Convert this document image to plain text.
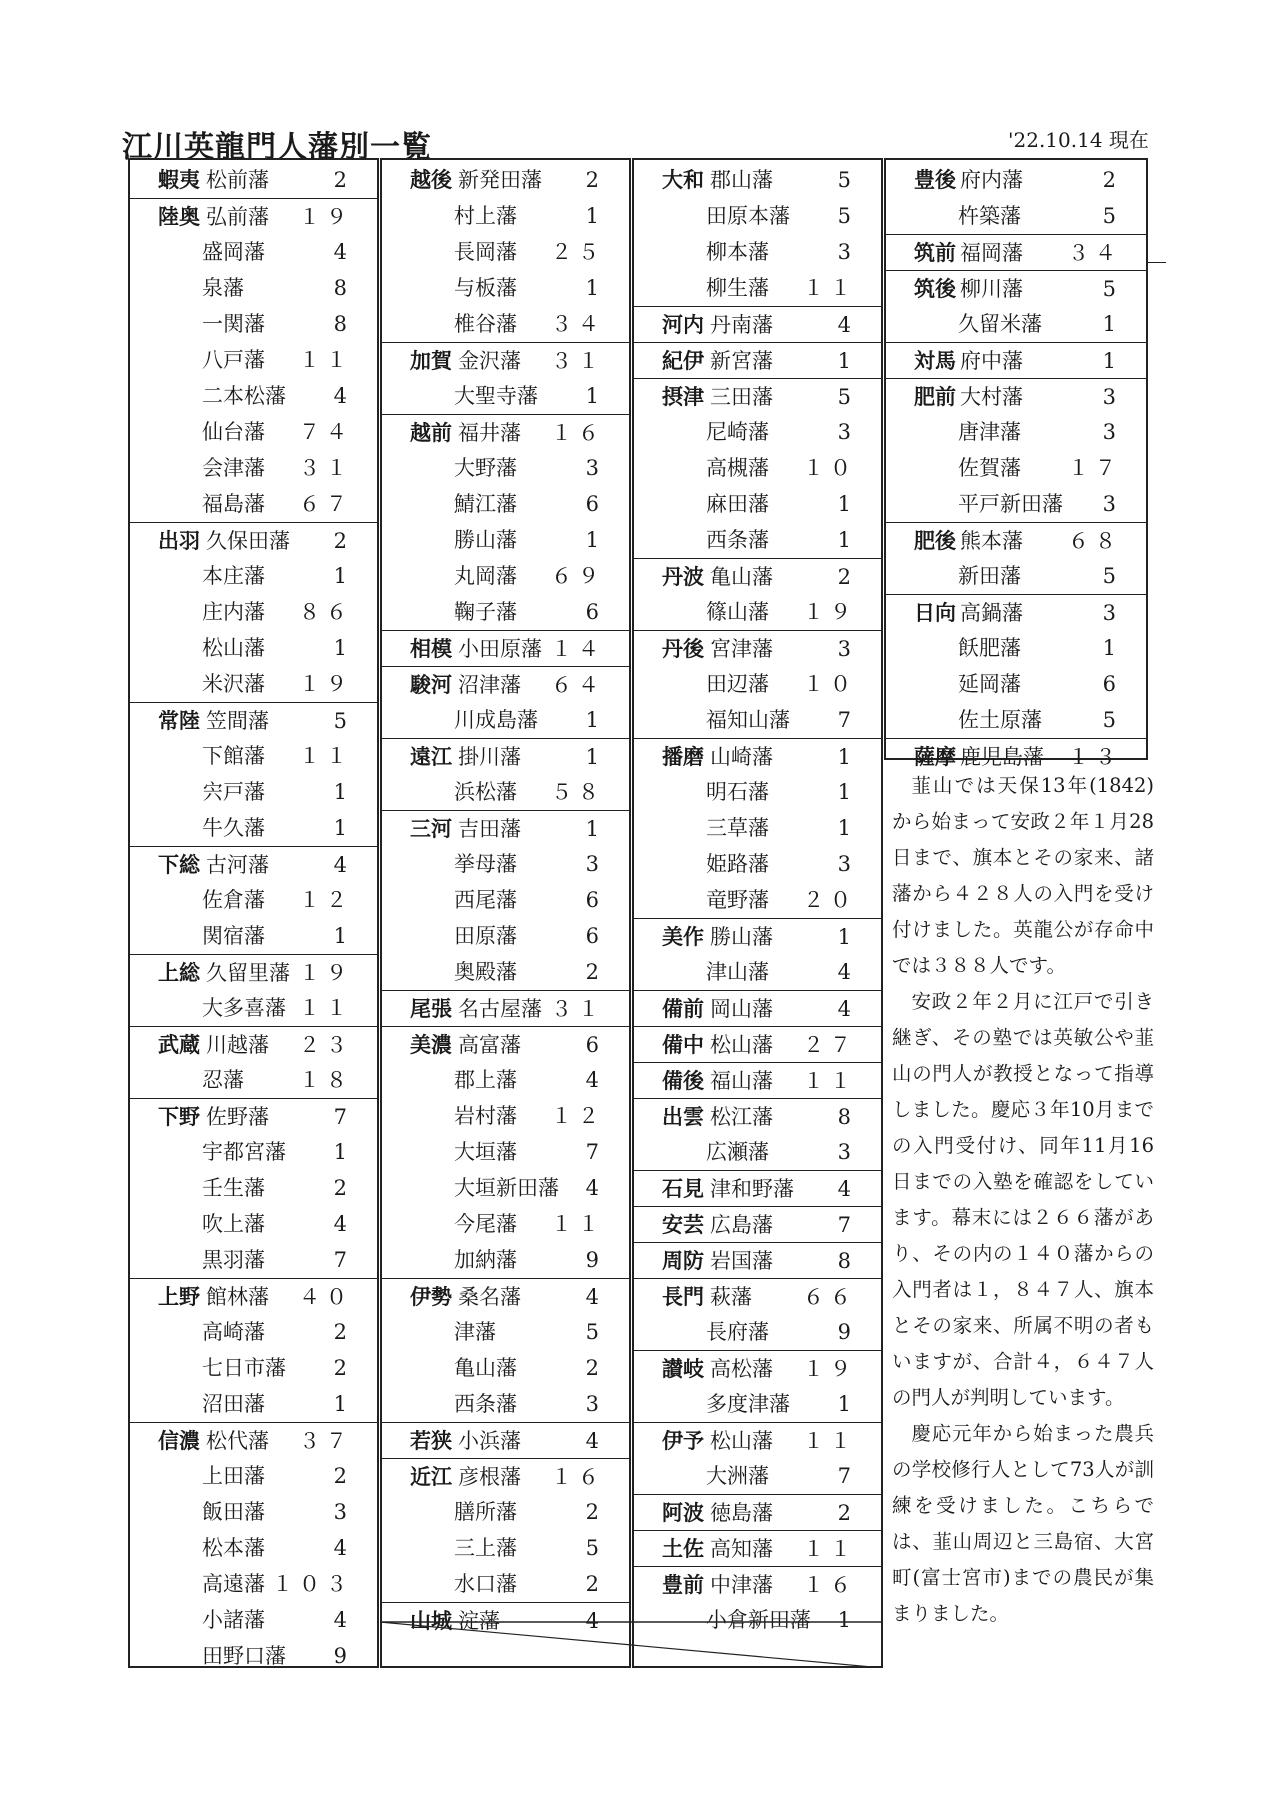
江川英龍門人藩別一覧	'22.10.14 現在
蝦夷 松前藩	2
陸奥 弘前藩 １９
盛岡藩	4
泉藩	8
一関藩	8
八戸藩 １１
二本松藩 4
仙台藩 ７４
会津藩 ３１
福島藩 ６７
出羽 久保田藩 2
本庄藩	1
庄内藩 ８６
松山藩	1
米沢藩 １９
常陸 笠間藩	5
下館藩 １１
宍戸藩	1
牛久藩	1
下総 古河藩	4
佐倉藩 １２
関宿藩	1
上総 久留里藩 １９
大多喜藩 １１
武蔵 川越藩 ２３
忍藩	１８
下野 佐野藩	7
宇都宮藩 1
壬生藩	2
吹上藩	4
黒羽藩	7
上野 館林藩 ４０
高崎藩	2
七日市藩 2
沼田藩	1
信濃 松代藩 ３７
上田藩	2
飯田藩	3
松本藩	4
高遠藩 １０３
小諸藩	4
田野口藩 9
越後 新発田藩 2
村上藩	1
長岡藩 ２５
与板藩	1
椎谷藩 ３４
加賀 金沢藩 ３１
大聖寺藩 1
越前 福井藩 １６
大野藩	3
鯖江藩	6
勝山藩	1
丸岡藩 ６９
鞠子藩	6
相模 小田原藩 １４
駿河 沼津藩 ６４
川成島藩 1
遠江 掛川藩	1
浜松藩 ５８
三河 吉田藩	1
挙母藩	3
西尾藩	6
田原藩	6
奥殿藩	2
尾張 名古屋藩 ３１
美濃 高富藩	6
郡上藩	4
岩村藩 １２
大垣藩	7
大垣新田藩 4
今尾藩 １１
加納藩	9
伊勢 桑名藩	4
津藩	5
亀山藩	2
西条藩	3
若狭 小浜藩	4
近江 彦根藩 １６
膳所藩	2
三上藩	5
水口藩	2
山城 淀藩	4
大和 郡山藩	5
田原本藩 5
柳本藩	3
柳生藩 １１
河内 丹南藩	4
紀伊 新宮藩	1
摂津 三田藩	5
尼崎藩	3
高槻藩 １０
麻田藩	1
西条藩	1
丹波 亀山藩	2
篠山藩 １９
丹後 宮津藩	3
田辺藩 １０
福知山藩 7
播磨 山崎藩	1
明石藩	1
三草藩	1
姫路藩	3
竜野藩 ２０
美作 勝山藩	1
津山藩	4
備前 岡山藩	4
備中 松山藩 ２７
備後 福山藩 １１
出雲 松江藩	8
広瀬藩	3
石見 津和野藩 4
安芸 広島藩	7
周防 岩国藩	8
長門 萩藩 ６６
長府藩	9
讃岐 高松藩 １９
多度津藩 1
伊予 松山藩 １１
大洲藩	7
阿波 徳島藩	2
土佐 高知藩 １１
豊前 中津藩 １６
小倉新田藩 1
豊後 府内藩	2
杵築藩	5
筑前 福岡藩 ３４
筑後 柳川藩	5
久留米藩	1
対馬 府中藩	1
肥前 大村藩	3
唐津藩	3
佐賀藩 １７
平戸新田藩 3
肥後 熊本藩 ６８
新田藩	5
日向 高鍋藩	3
飫肥藩	1
延岡藩	6
佐土原藩	5
薩摩 鹿児島藩 １３

韮山では天保13年(1842)から始まって安政２年１月28日まで、旗本とその家来、諸藩から４２８人の入門を受け付けました。英龍公が存命中では３８８人です。

安政２年２月に江戸で引き継ぎ、その塾では英敏公や韮山の門人が教授となって指導しました。慶応３年10月までの入門受付け、同年11月16日までの入塾を確認をしています。幕末には２６６藩があり、その内の１４０藩からの入門者は１，８４７人、旗本とその家来、所属不明の者もいますが、合計４，６４７人の門人が判明しています。

慶応元年から始まった農兵の学校修行人として73人が訓練を受けました。こちらでは、韮山周辺と三島宿、大宮町(富士宮市)までの農民が集まりました。
